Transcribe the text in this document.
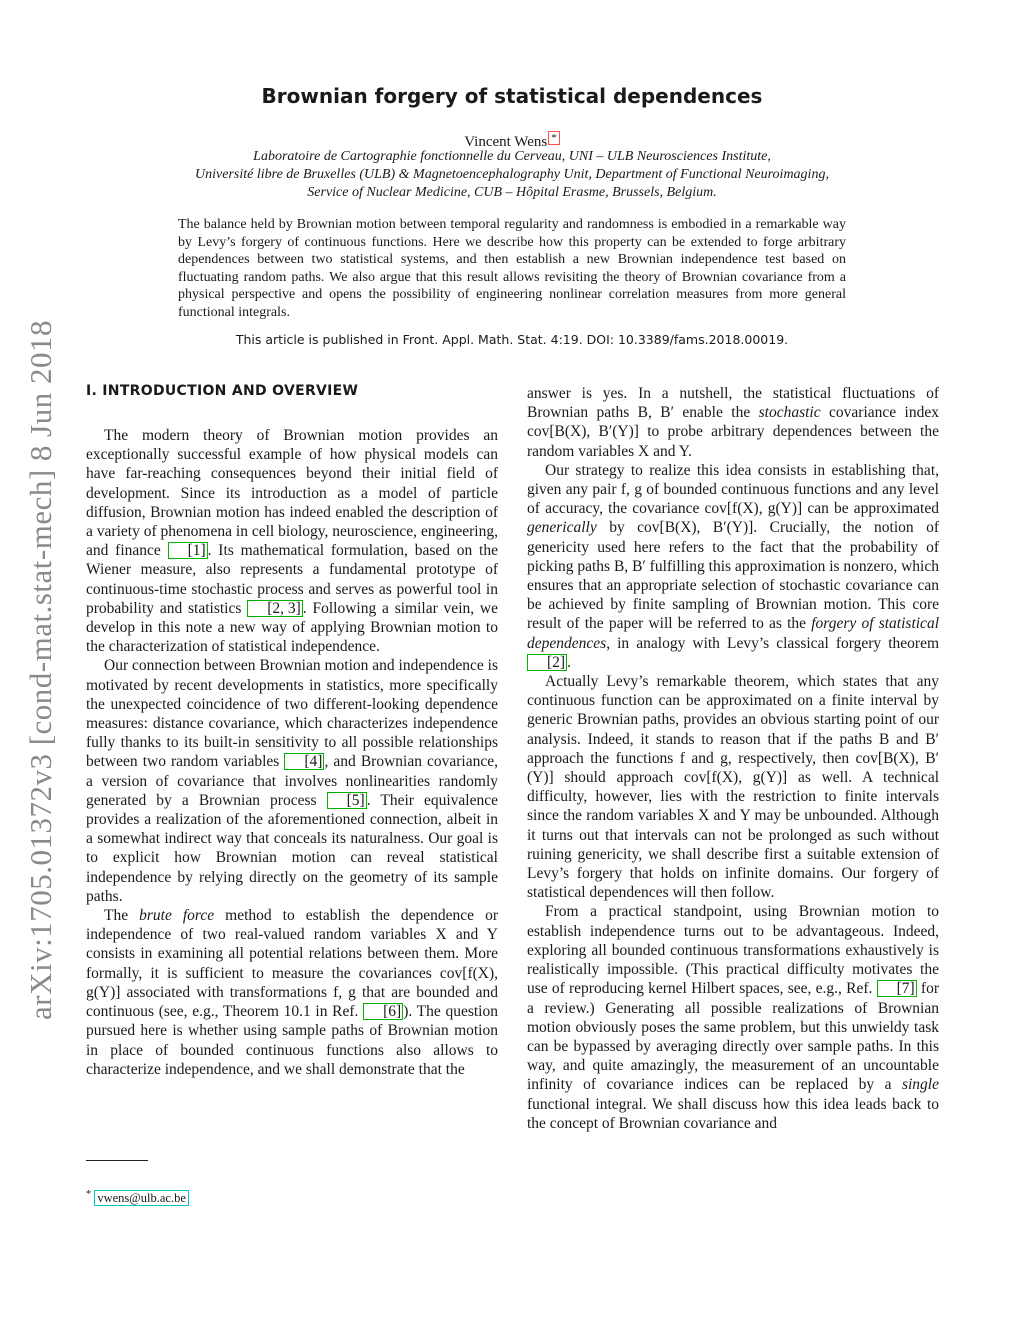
arXiv:1705.01372v3 [cond-mat.stat-mech] 8 Jun 2018
Brownian forgery of statistical dependences
Vincent Wens *
Laboratoire de Cartographie fonctionnelle du Cerveau, UNI – ULB Neurosciences Institute,
Université libre de Bruxelles (ULB) & Magnetoencephalography Unit, Department of Functional Neuroimaging,
Service of Nuclear Medicine, CUB – Hôpital Erasme, Brussels, Belgium.
The balance held by Brownian motion between temporal regularity and randomness is embodied in a remarkable way by Levy’s forgery of continuous functions. Here we describe how this property can be extended to forge arbitrary dependences between two statistical systems, and then establish a new Brownian independence test based on fluctuating random paths. We also argue that this result allows revisiting the theory of Brownian covariance from a physical perspective and opens the possibility of engineering nonlinear correlation measures from more general functional integrals.
This article is published in Front. Appl. Math. Stat. 4:19. DOI: 10.3389/fams.2018.00019.
I. INTRODUCTION AND OVERVIEW

The modern theory of Brownian motion provides an exceptionally successful example of how physical models can have far-reaching consequences beyond their initial field of development. Since its introduction as a model of particle diffusion, Brownian motion has indeed enabled the description of a variety of phenomena in cell biology, neuroscience, engineering, and finance [1] . Its mathematical formulation, based on the Wiener measure, also represents a fundamental prototype of continuous-time stochastic process and serves as powerful tool in probability and statistics [2, 3] . Following a similar vein, we develop in this note a new way of applying Brownian motion to the characterization of statistical independence.

Our connection between Brownian motion and independence is motivated by recent developments in statistics, more specifically the unexpected coincidence of two different-looking dependence measures: distance covariance, which characterizes independence fully thanks to its built-in sensitivity to all possible relationships between two random variables [4] , and Brownian covariance, a version of covariance that involves nonlinearities randomly generated by a Brownian process [5] . Their equivalence provides a realization of the aforementioned connection, albeit in a somewhat indirect way that conceals its naturalness. Our goal is to explicit how Brownian motion can reveal statistical independence by relying directly on the geometry of its sample paths.

The brute force method to establish the dependence or independence of two real-valued random variables X and Y consists in examining all potential relations between them. More formally, it is sufficient to measure the covariances cov[f(X), g(Y)] associated with transformations f, g that are bounded and continuous (see, e.g., Theorem 10.1 in Ref. [6] ). The question pursued here is whether using sample paths of Brownian motion in place of bounded continuous functions also allows to characterize independence, and we shall demonstrate that the

answer is yes. In a nutshell, the statistical fluctuations of Brownian paths B, B′ enable the stochastic covariance index cov[B(X), B′(Y)] to probe arbitrary dependences between the random variables X and Y.

Our strategy to realize this idea consists in establishing that, given any pair f, g of bounded continuous functions and any level of accuracy, the covariance cov[f(X), g(Y)] can be approximated generically by cov[B(X), B′(Y)]. Crucially, the notion of genericity used here refers to the fact that the probability of picking paths B, B′ fulfilling this approximation is nonzero, which ensures that an appropriate selection of stochastic covariance can be achieved by finite sampling of Brownian motion. This core result of the paper will be referred to as the forgery of statistical dependences, in analogy with Levy’s classical forgery theorem [2] .

Actually Levy’s remarkable theorem, which states that any continuous function can be approximated on a finite interval by generic Brownian paths, provides an obvious starting point of our analysis. Indeed, it stands to reason that if the paths B and B′ approach the functions f and g, respectively, then cov[B(X), B′(Y)] should approach cov[f(X), g(Y)] as well. A technical difficulty, however, lies with the restriction to finite intervals since the random variables X and Y may be unbounded. Although it turns out that intervals can not be prolonged as such without ruining genericity, we shall describe first a suitable extension of Levy’s forgery that holds on infinite domains. Our forgery of statistical dependences will then follow.

From a practical standpoint, using Brownian motion to establish independence turns out to be advantageous. Indeed, exploring all bounded continuous transformations exhaustively is realistically impossible. (This practical difficulty motivates the use of reproducing kernel Hilbert spaces, see, e.g., Ref. [7] for a review.) Generating all possible realizations of Brownian motion obviously poses the same problem, but this unwieldy task can be bypassed by averaging directly over sample paths. In this way, and quite amazingly, the measurement of an uncountable infinity of covariance indices can be replaced by a single functional integral. We shall discuss how this idea leads back to the concept of Brownian covariance and

* vwens@ulb.ac.be
